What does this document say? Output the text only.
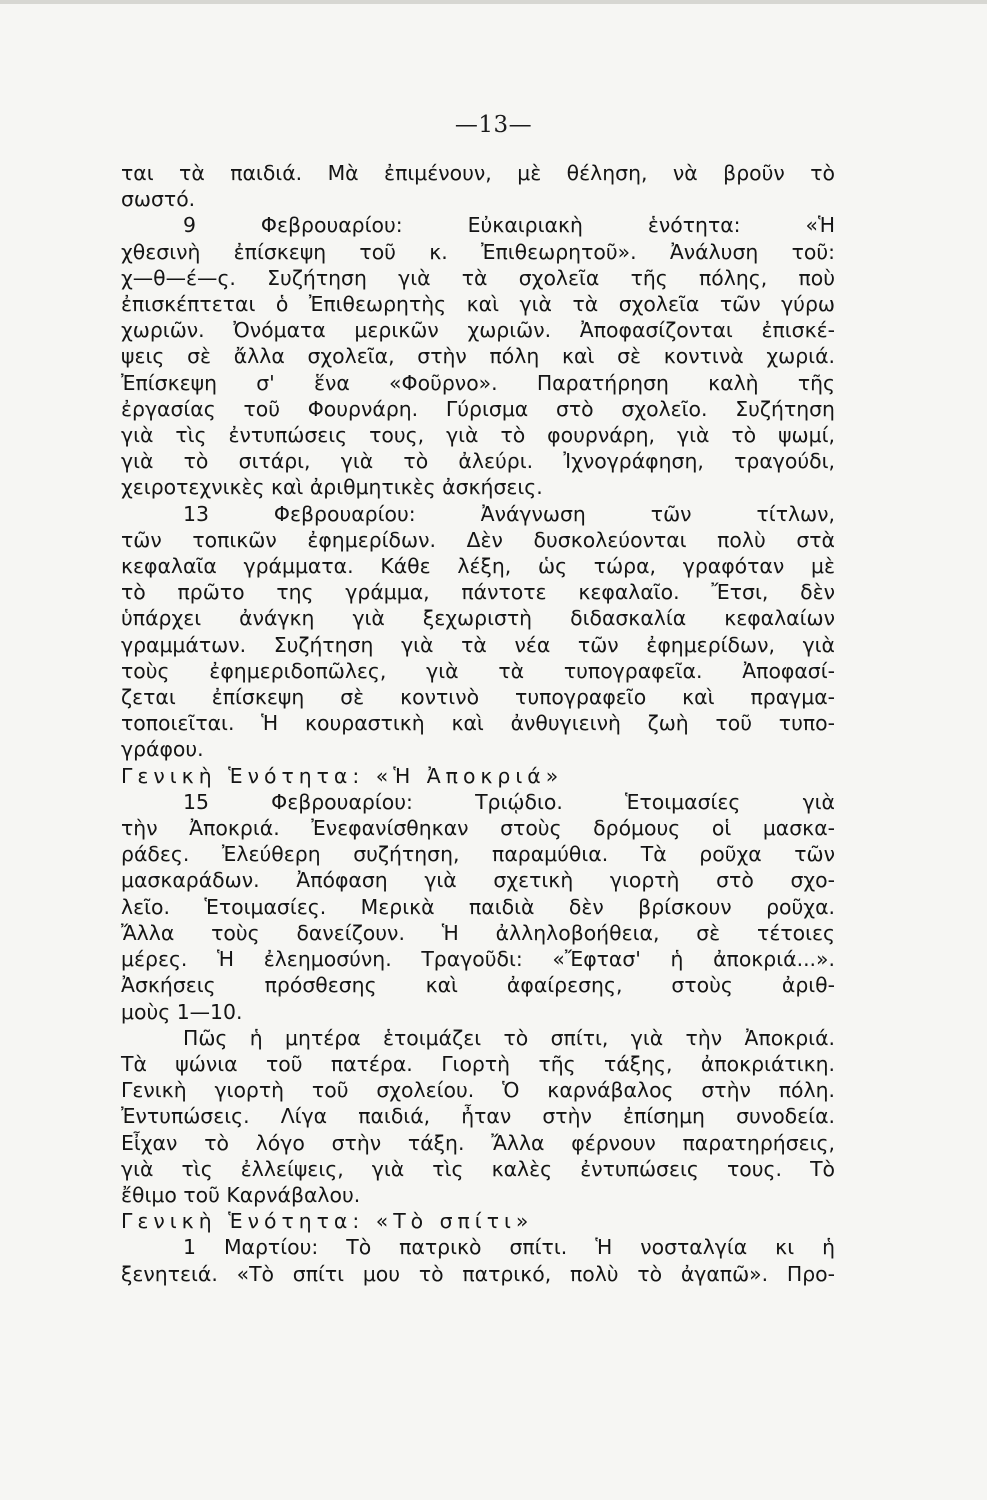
—13—
ται τὰ παιδιά. Μὰ ἐπιμένουν, μὲ θέληση, νὰ βροῦν τὸ
σωστό.
9 Φεβρουαρίου: Εὐκαιριακὴ ἑνότητα: «Ἡ
χθεσινὴ ἐπίσκεψη τοῦ κ. Ἐπιθεωρητοῦ». Ἀνάλυση τοῦ:
χ—θ—έ—ς. Συζήτηση γιὰ τὰ σχολεῖα τῆς πόλης, ποὺ
ἐπισκέπτεται ὁ Ἐπιθεωρητὴς καὶ γιὰ τὰ σχολεῖα τῶν γύρω
χωριῶν. Ὀνόματα μερικῶν χωριῶν. Ἀποφασίζονται ἐπισκέ-
ψεις σὲ ἄλλα σχολεῖα, στὴν πόλη καὶ σὲ κοντινὰ χωριά.
Ἐπίσκεψη σ' ἕνα «Φοῦρνο». Παρατήρηση καλὴ τῆς
ἐργασίας τοῦ Φουρνάρη. Γύρισμα στὸ σχολεῖο. Συζήτηση
γιὰ τὶς ἐντυπώσεις τους, γιὰ τὸ φουρνάρη, γιὰ τὸ ψωμί,
γιὰ τὸ σιτάρι, γιὰ τὸ ἀλεύρι. Ἰχνογράφηση, τραγούδι,
χειροτεχνικὲς καὶ ἀριθμητικὲς ἀσκήσεις.
13 Φεβρουαρίου: Ἀνάγνωση τῶν τίτλων,
τῶν τοπικῶν ἐφημερίδων. Δὲν δυσκολεύονται πολὺ στὰ
κεφαλαῖα γράμματα. Κάθε λέξη, ὡς τώρα, γραφόταν μὲ
τὸ πρῶτο της γράμμα, πάντοτε κεφαλαῖο. Ἔτσι, δὲν
ὑπάρχει ἀνάγκη γιὰ ξεχωριστὴ διδασκαλία κεφαλαίων
γραμμάτων. Συζήτηση γιὰ τὰ νέα τῶν ἐφημερίδων, γιὰ
τοὺς ἐφημεριδοπῶλες, γιὰ τὰ τυπογραφεῖα. Ἀποφασί-
ζεται ἐπίσκεψη σὲ κοντινὸ τυπογραφεῖο καὶ πραγμα-
τοποιεῖται. Ἡ κουραστικὴ καὶ ἀνθυγιεινὴ ζωὴ τοῦ τυπο-
γράφου.
Γενικὴ Ἑνότητα: «Ἡ Ἀποκριά»
15 Φεβρουαρίου: Τριῴδιο. Ἑτοιμασίες γιὰ
τὴν Ἀποκριά. Ἐνεφανίσθηκαν στοὺς δρόμους οἱ μασκα-
ράδες. Ἐλεύθερη συζήτηση, παραμύθια. Τὰ ροῦχα τῶν
μασκαράδων. Ἀπόφαση γιὰ σχετικὴ γιορτὴ στὸ σχο-
λεῖο. Ἑτοιμασίες. Μερικὰ παιδιὰ δὲν βρίσκουν ροῦχα.
Ἄλλα τοὺς δανείζουν. Ἡ ἀλληλοβοήθεια, σὲ τέτοιες
μέρες. Ἡ ἐλεημοσύνη. Τραγοῦδι: «Ἔφτασ' ἡ ἀποκριά...».
Ἀσκήσεις πρόσθεσης καὶ ἀφαίρεσης, στοὺς ἀριθ-
μοὺς 1—10.
Πῶς ἡ μητέρα ἑτοιμάζει τὸ σπίτι, γιὰ τὴν Ἀποκριά.
Τὰ ψώνια τοῦ πατέρα. Γιορτὴ τῆς τάξης, ἀποκριάτικη.
Γενικὴ γιορτὴ τοῦ σχολείου. Ὁ καρνάβαλος στὴν πόλη.
Ἐντυπώσεις. Λίγα παιδιά, ἦταν στὴν ἐπίσημη συνοδεία.
Εἶχαν τὸ λόγο στὴν τάξη. Ἄλλα φέρνουν παρατηρήσεις,
γιὰ τὶς ἐλλείψεις, γιὰ τὶς καλὲς ἐντυπώσεις τους. Τὸ
ἔθιμο τοῦ Καρνάβαλου.
Γενικὴ Ἑνότητα: «Τὸ σπίτι»
1 Μαρτίου: Τὸ πατρικὸ σπίτι. Ἡ νοσταλγία κι ἡ
ξενητειά. «Τὸ σπίτι μου τὸ πατρικό, πολὺ τὸ ἀγαπῶ». Προ-
